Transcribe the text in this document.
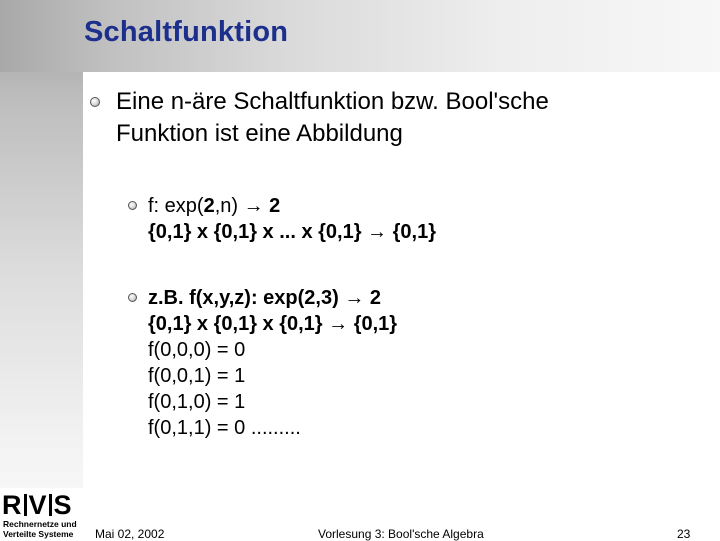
Schaltfunktion
Eine n-äre Schaltfunktion bzw. Bool'sche
Funktion ist eine Abbildung
f: exp(2,n) → 2
{0,1} x {0,1} x ... x {0,1} → {0,1}
z.B. f(x,y,z): exp(2,3) → 2
{0,1} x {0,1} x {0,1} → {0,1}
f(0,0,0) = 0
f(0,0,1) = 1
f(0,1,0) = 1
f(0,1,1) = 0 .........
R V S
Rechnernetze und
Verteilte Systeme Mai 02, 2002	Vorlesung 3: Bool'sche Algebra	23
